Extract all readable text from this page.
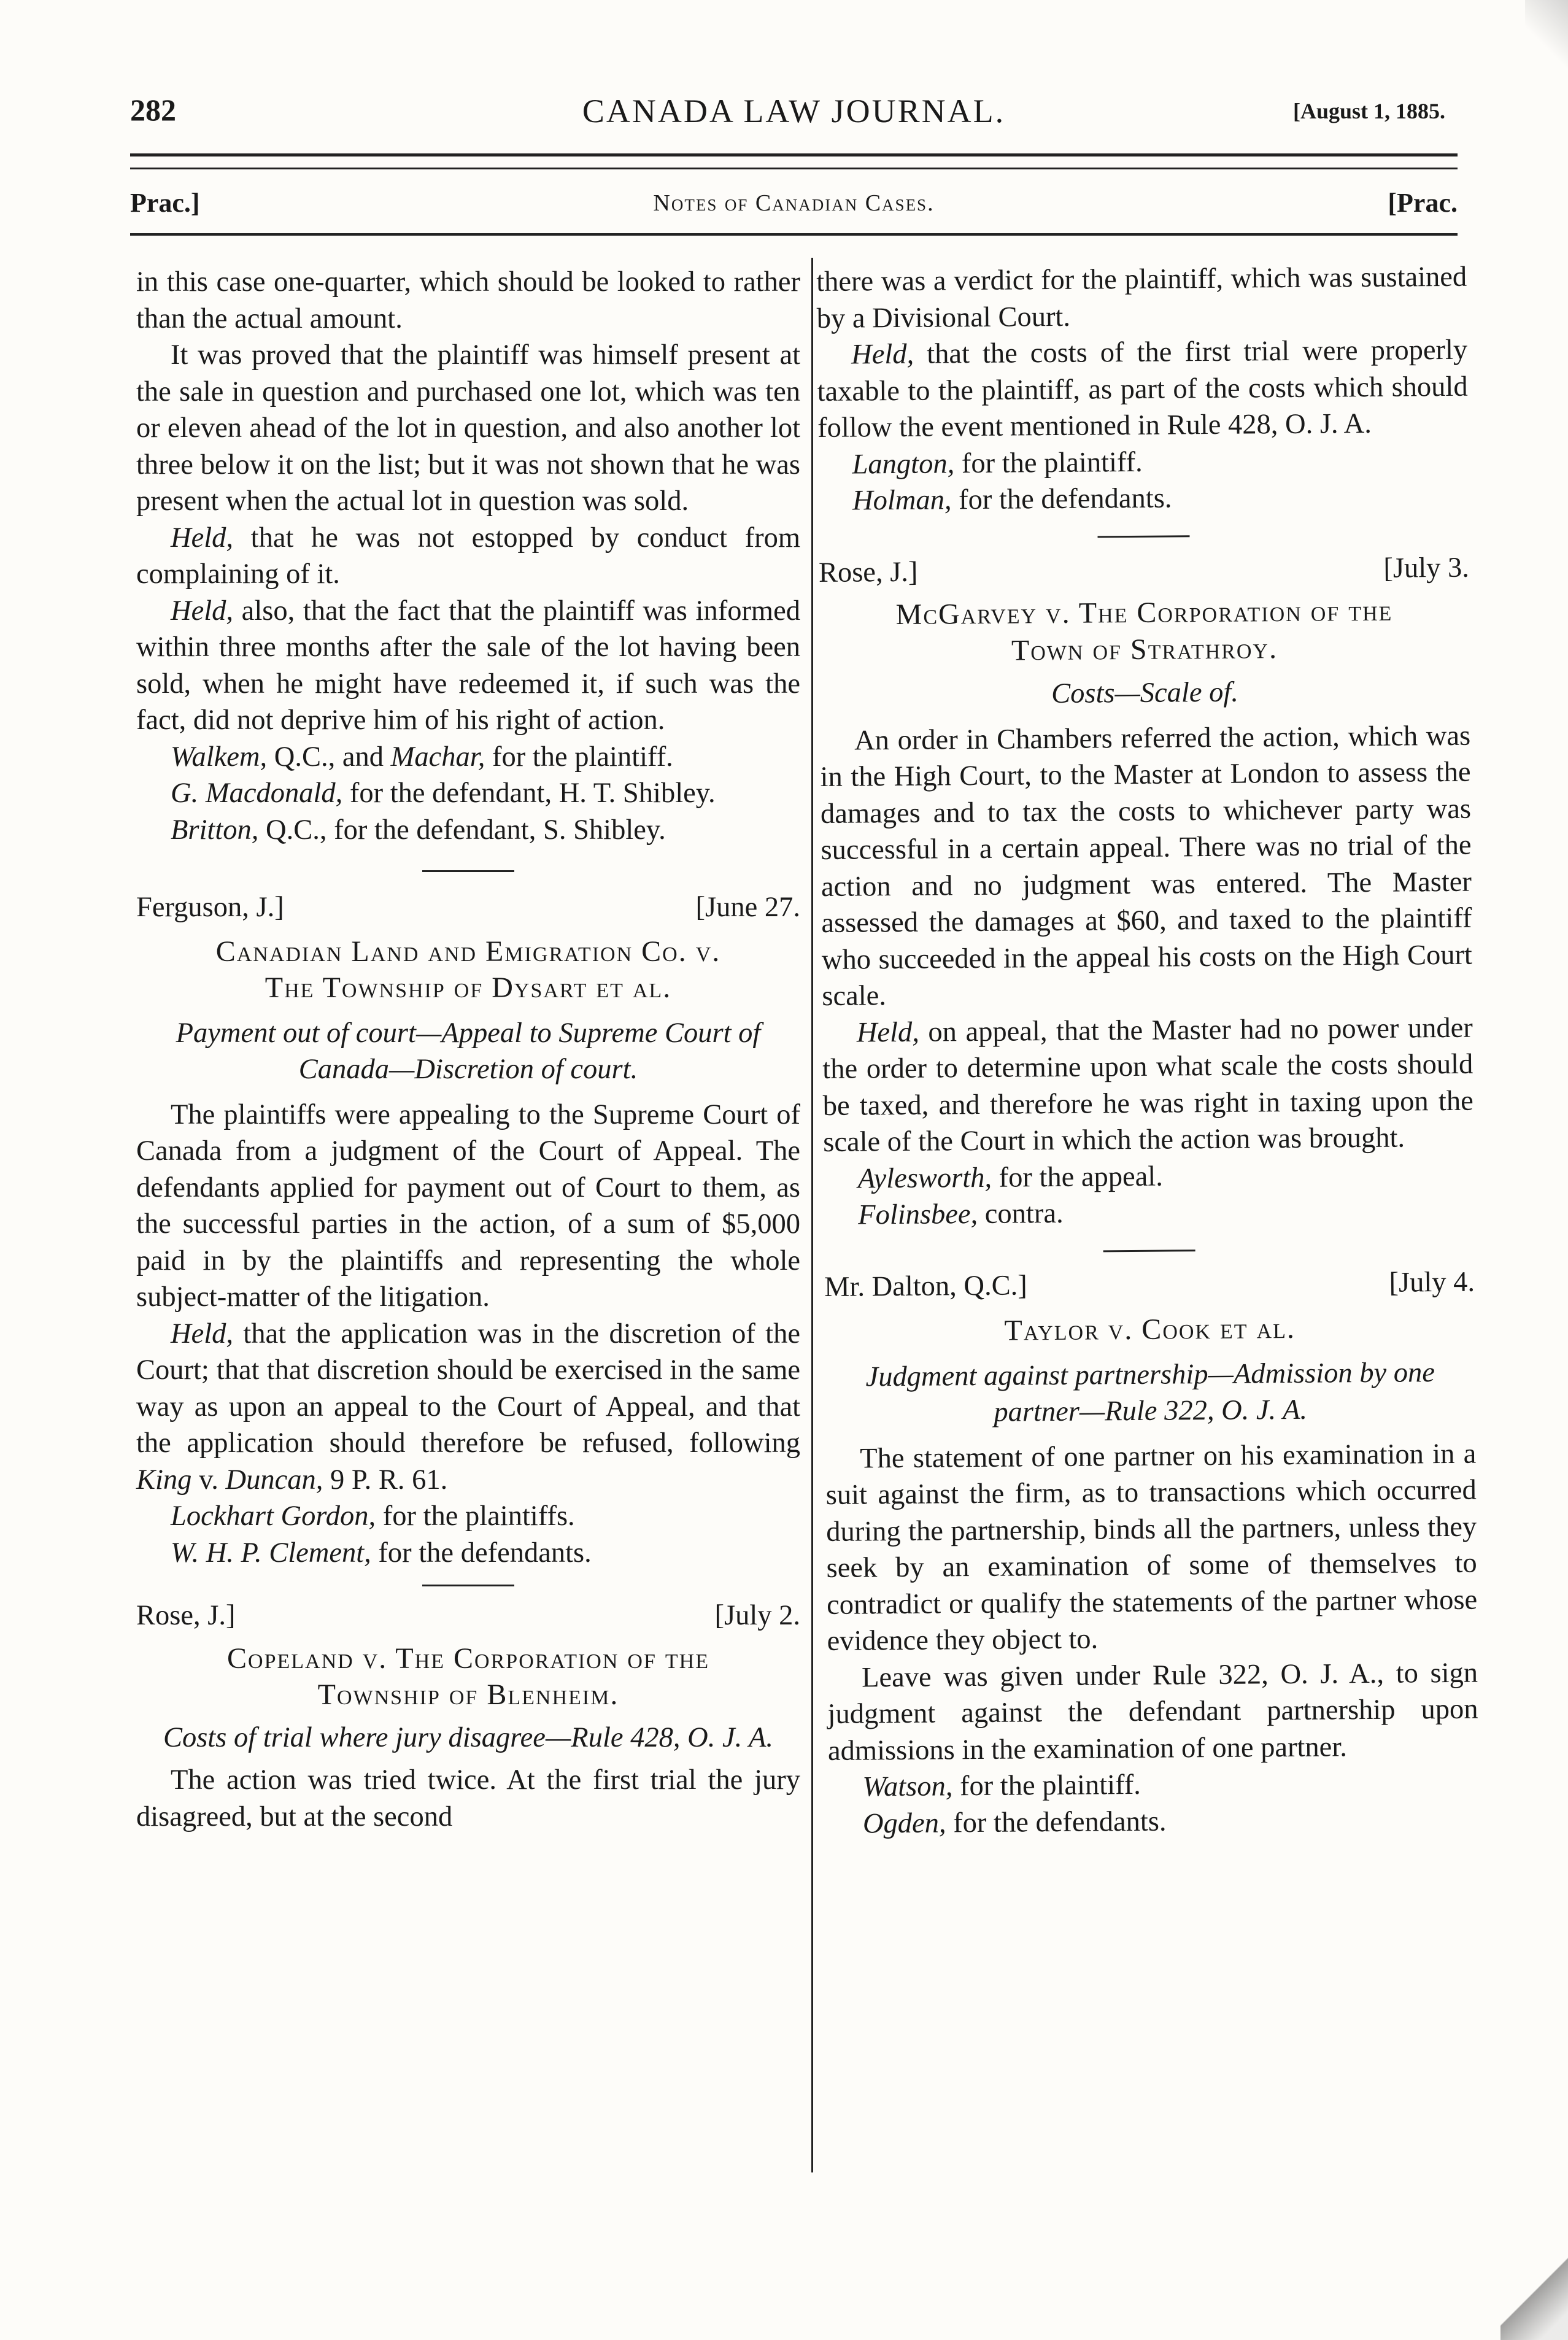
282	CANADA LAW JOURNAL.	[August 1, 1885.
Prac.]	Notes of Canadian Cases.	[Prac.

in this case one-quarter, which should be looked to rather than the actual amount.

It was proved that the plaintiff was himself present at the sale in question and purchased one lot, which was ten or eleven ahead of the lot in question, and also another lot three below it on the list; but it was not shown that he was present when the actual lot in question was sold.

Held, that he was not estopped by conduct from complaining of it.

Held, also, that the fact that the plaintiff was informed within three months after the sale of the lot having been sold, when he might have redeemed it, if such was the fact, did not deprive him of his right of action.

Walkem, Q.C., and Machar, for the plaintiff.

G. Macdonald, for the defendant, H. T. Shibley.

Britton, Q.C., for the defendant, S. Shibley.

Ferguson, J.]	[June 27.

Canadian Land and Emigration Co. v.

The Township of Dysart et al.

Payment out of court—Appeal to Supreme Court of Canada—Discretion of court.

The plaintiffs were appealing to the Supreme Court of Canada from a judgment of the Court of Appeal. The defendants applied for payment out of Court to them, as the successful parties in the action, of a sum of $5,000 paid in by the plaintiffs and representing the whole subject-matter of the litigation.

Held, that the application was in the discretion of the Court; that that discretion should be exercised in the same way as upon an appeal to the Court of Appeal, and that the application should therefore be refused, following King v. Duncan, 9 P. R. 61.

Lockhart Gordon, for the plaintiffs.

W. H. P. Clement, for the defendants.

Rose, J.]	[July 2.

Copeland v. The Corporation of the

Township of Blenheim.

Costs of trial where jury disagree—Rule 428, O. J. A.

The action was tried twice. At the first trial the jury disagreed, but at the second

there was a verdict for the plaintiff, which was sustained by a Divisional Court.

Held, that the costs of the first trial were properly taxable to the plaintiff, as part of the costs which should follow the event mentioned in Rule 428, O. J. A.

Langton, for the plaintiff.

Holman, for the defendants.

Rose, J.]	[July 3.

McGarvey v. The Corporation of the

Town of Strathroy.

Costs—Scale of.

An order in Chambers referred the action, which was in the High Court, to the Master at London to assess the damages and to tax the costs to whichever party was successful in a certain appeal. There was no trial of the action and no judgment was entered. The Master assessed the damages at $60, and taxed to the plaintiff who succeeded in the appeal his costs on the High Court scale.

Held, on appeal, that the Master had no power under the order to determine upon what scale the costs should be taxed, and therefore he was right in taxing upon the scale of the Court in which the action was brought.

Aylesworth, for the appeal.

Folinsbee, contra.

Mr. Dalton, Q.C.]	[July 4.

Taylor v. Cook et al.

Judgment against partnership—Admission by one partner—Rule 322, O. J. A.

The statement of one partner on his examination in a suit against the firm, as to transactions which occurred during the partnership, binds all the partners, unless they seek by an examination of some of themselves to contradict or qualify the statements of the partner whose evidence they object to.

Leave was given under Rule 322, O. J. A., to sign judgment against the defendant partnership upon admissions in the examination of one partner.

Watson, for the plaintiff.

Ogden, for the defendants.
